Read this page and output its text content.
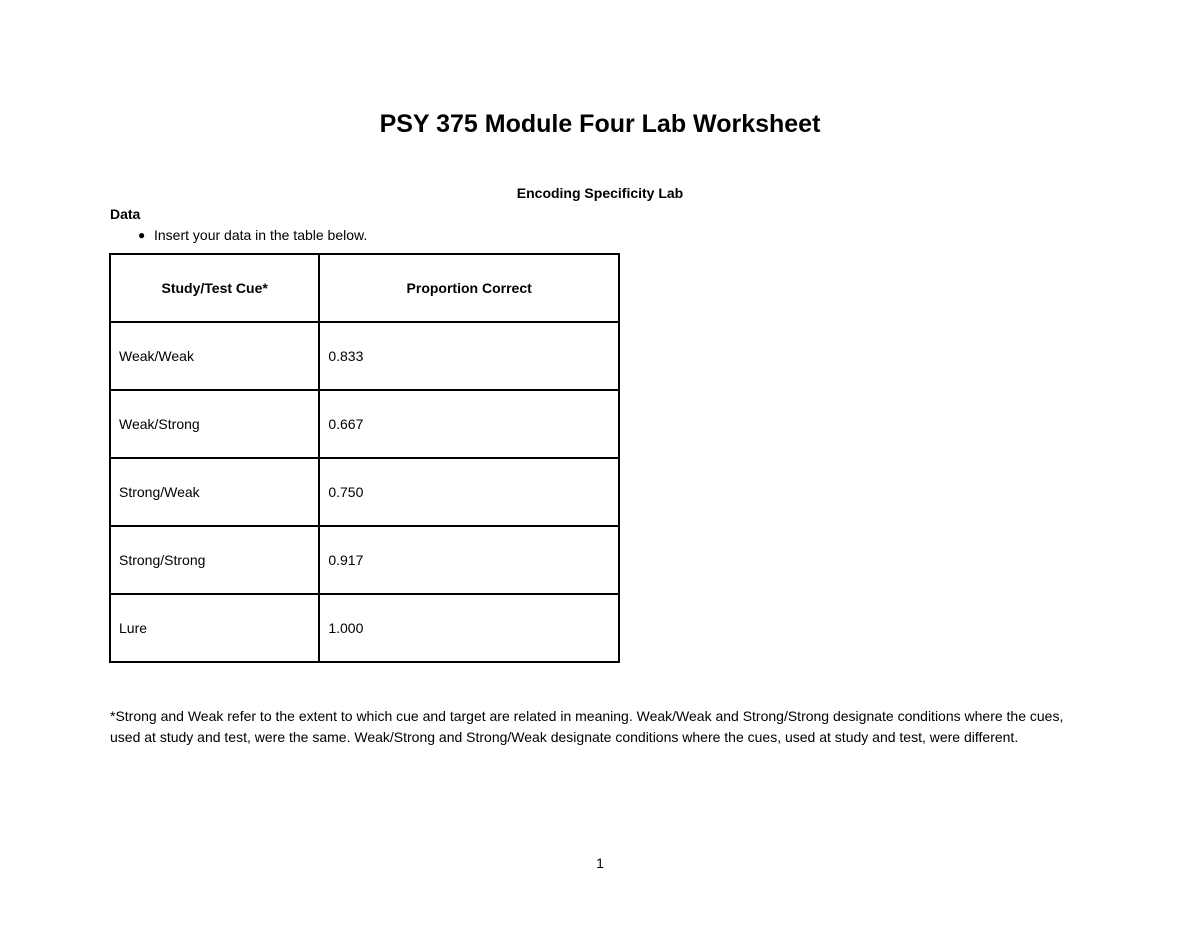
PSY 375 Module Four Lab Worksheet
Encoding Specificity Lab
Data
● Insert your data in the table below.
Study/Test Cue*	Proportion Correct
Weak/Weak	0.833
Weak/Strong	0.667
Strong/Weak	0.750
Strong/Strong	0.917
Lure	1.000

*Strong and Weak refer to the extent to which cue and target are related in meaning. Weak/Weak and Strong/Strong designate conditions where the cues, used at study and test, were the same. Weak/Strong and Strong/Weak designate conditions where the cues, used at study and test, were different.

1
